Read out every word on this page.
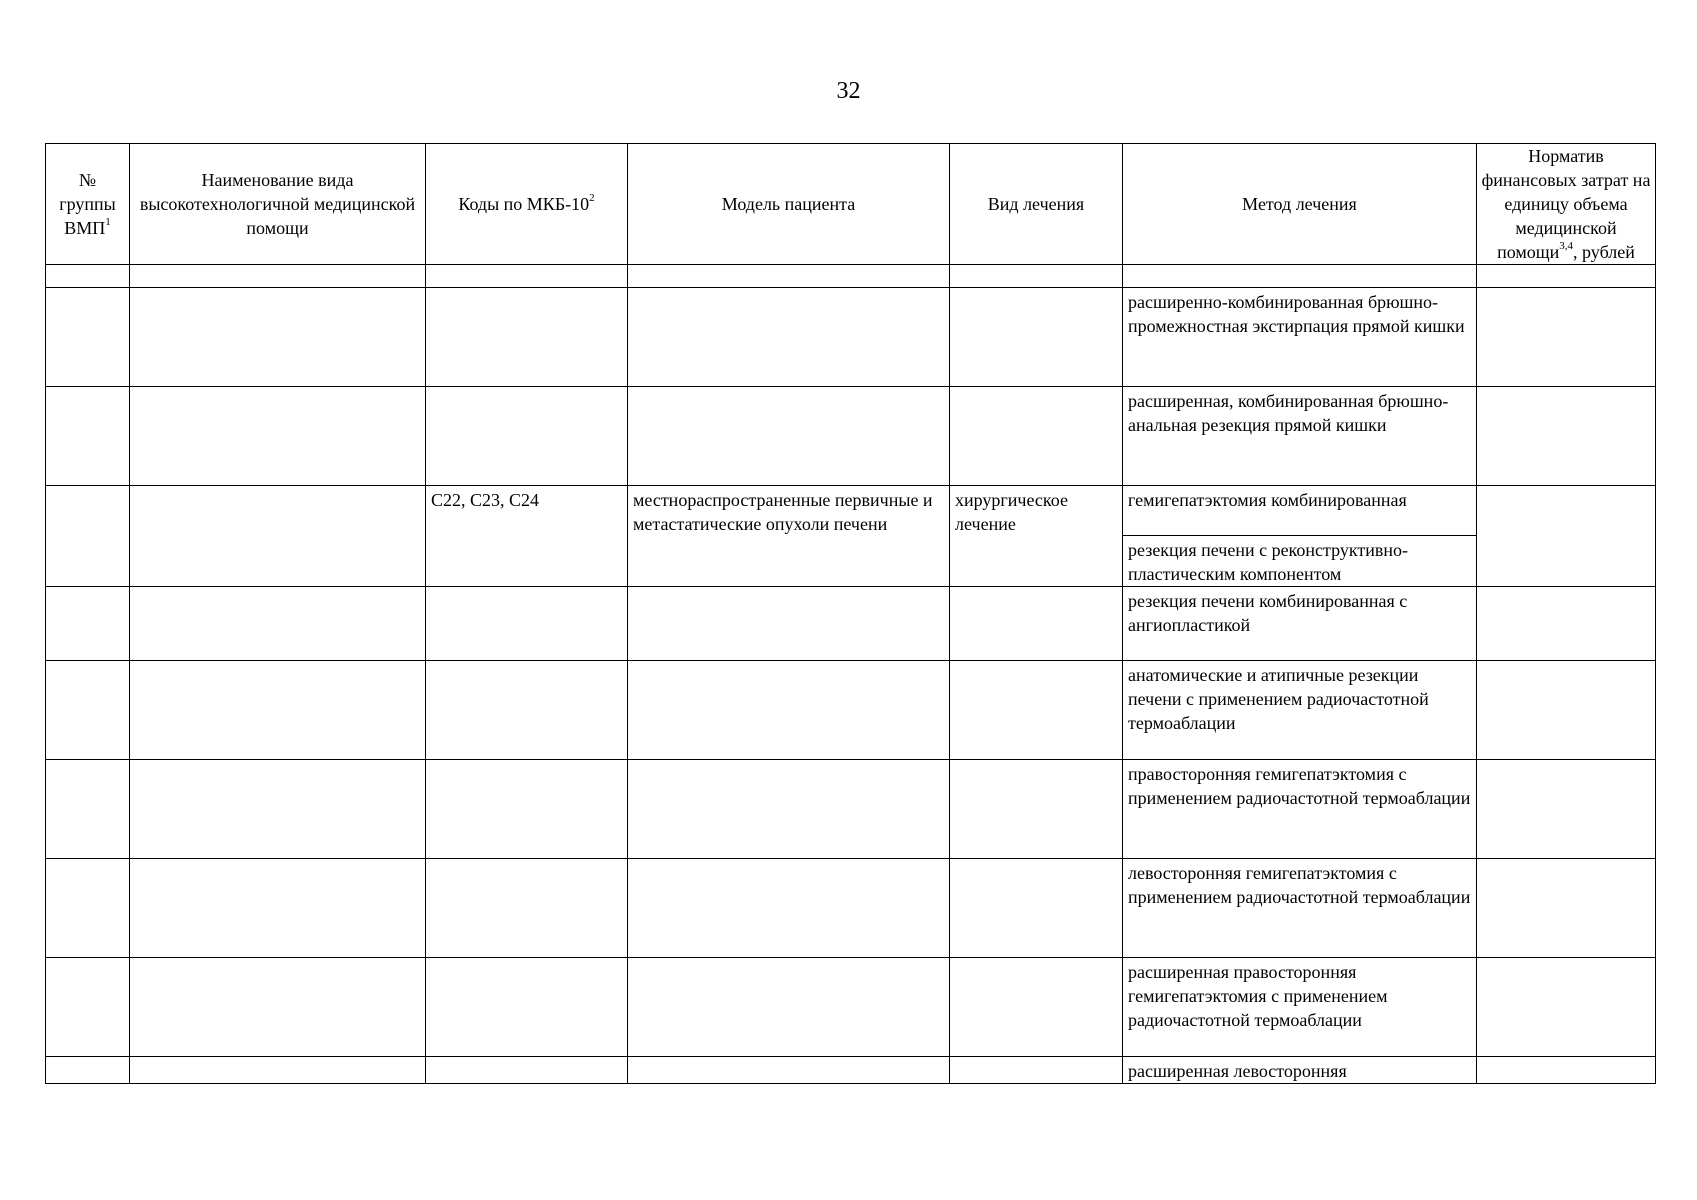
32
№ группы ВМП$^1$	Наименование вида высокотехнологичной медицинской помощи	Коды по МКБ-$10^2$	Модель пациента	Вид лечения	Метод лечения	Норматив финансовых затрат на единицу объема медицинской помощи$^{3,4}$, рублей

					расширенно-комбинированная брюшно-промежностная экстирпация прямой кишки	
					расширенная, комбинированная брюшно-анальная резекция прямой кишки	
		C22, C23, C24	местнораспространенные первичные и метастатические опухоли печени	хирургическое лечение	гемигепатэктомия комбинированная	
					резекция печени с реконструктивно-пластическим компонентом	
					резекция печени комбинированная с ангиопластикой	
					анатомические и атипичные резекции печени с применением радиочастотной термоаблации	
					правосторонняя гемигепатэктомия с применением радиочастотной термоаблации	
					левосторонняя гемигепатэктомия с применением радиочастотной термоаблации	
					расширенная правосторонняя гемигепатэктомия с применением радиочастотной термоаблации	
					расширенная левосторонняя	
